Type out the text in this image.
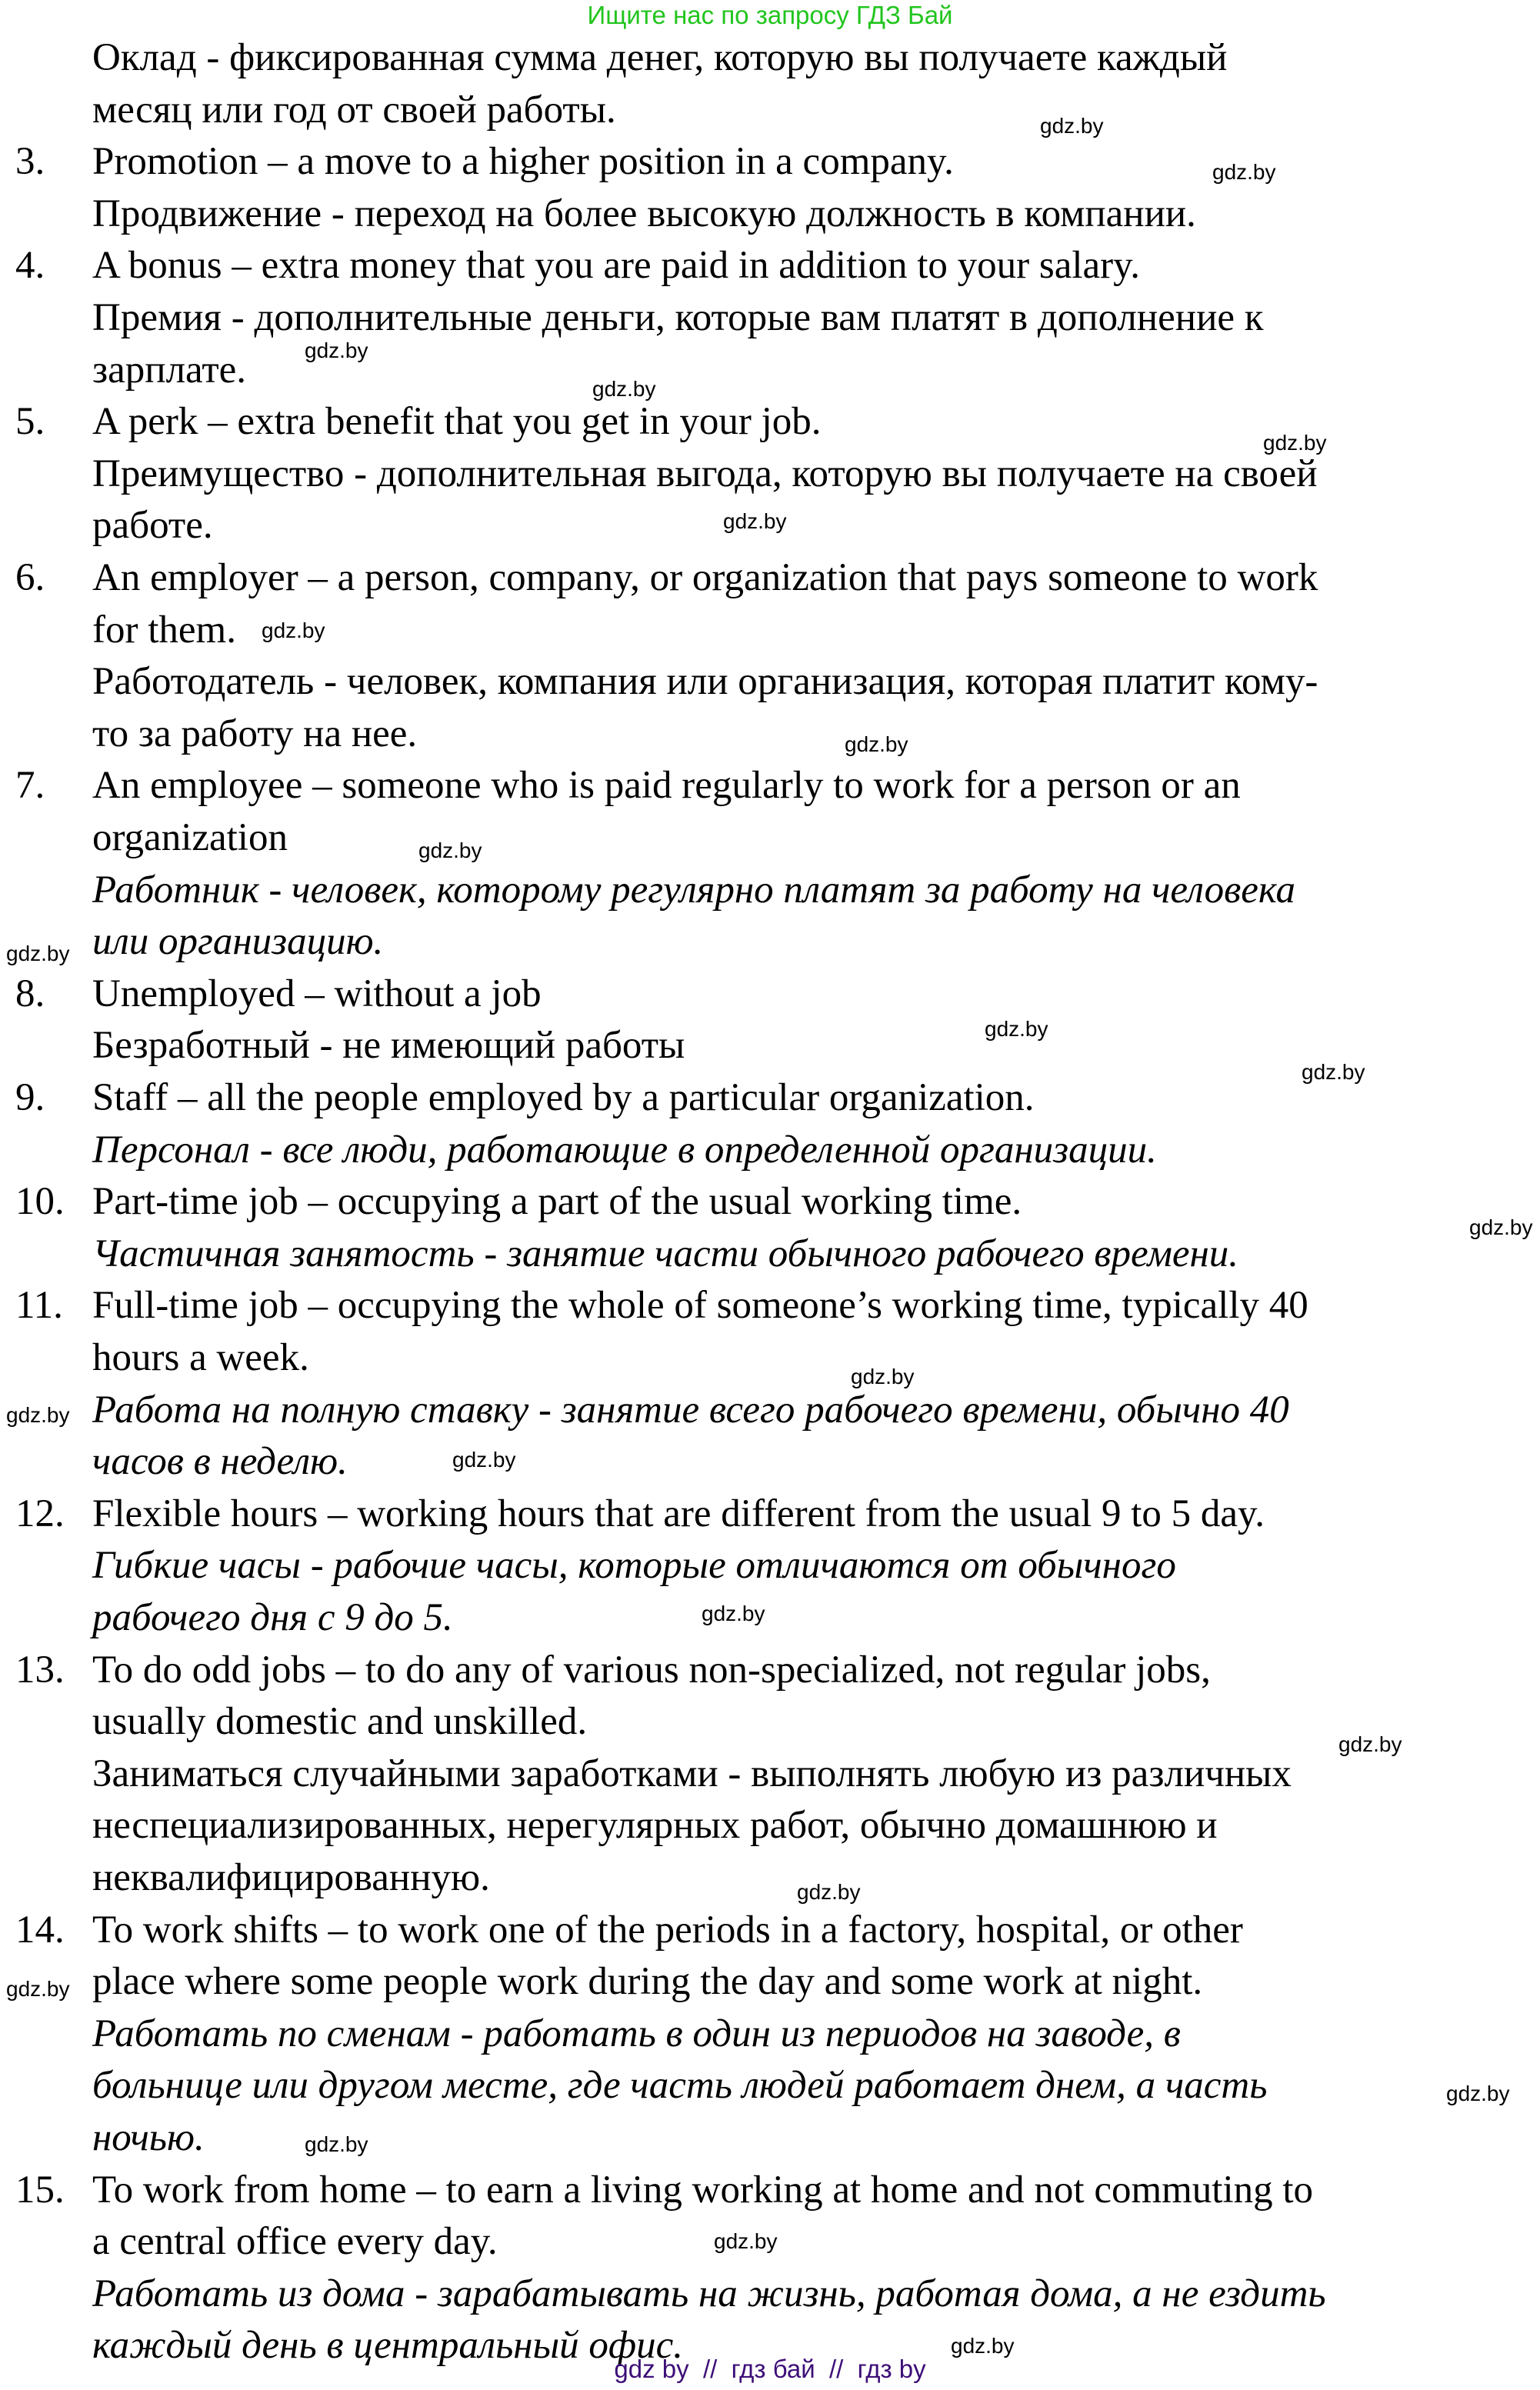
Ищите нас по запросу ГДЗ Бай
Оклад - фиксированная сумма денег, которую вы получаете каждый
месяц или год от своей работы.
3. Promotion – a move to a higher position in a company.
Продвижение - переход на более высокую должность в компании.
4. A bonus – extra money that you are paid in addition to your salary.
Премия - дополнительные деньги, которые вам платят в дополнение к
зарплате.
5. A perk – extra benefit that you get in your job.
Преимущество - дополнительная выгода, которую вы получаете на своей
работе.
6. An employer – a person, company, or organization that pays someone to work
for them.
Работодатель - человек, компания или организация, которая платит кому-
то за работу на нее.
7. An employee – someone who is paid regularly to work for a person or an
organization
Работник - человек, которому регулярно платят за работу на человека
или организацию.
8. Unemployed – without a job
Безработный - не имеющий работы
9. Staff – all the people employed by a particular organization.
Персонал - все люди, работающие в определенной организации.
10. Part-time job – occupying a part of the usual working time.
Частичная занятость - занятие части обычного рабочего времени.
11. Full-time job – occupying the whole of someone’s working time, typically 40
hours a week.
Работа на полную ставку - занятие всего рабочего времени, обычно 40
часов в неделю.
12. Flexible hours – working hours that are different from the usual 9 to 5 day.
Гибкие часы - рабочие часы, которые отличаются от обычного
рабочего дня с 9 до 5.
13. To do odd jobs – to do any of various non-specialized, not regular jobs,
usually domestic and unskilled.
Заниматься случайными заработками - выполнять любую из различных
неспециализированных, нерегулярных работ, обычно домашнюю и
неквалифицированную.
14. To work shifts – to work one of the periods in a factory, hospital, or other
place where some people work during the day and some work at night.
Работать по сменам - работать в один из периодов на заводе, в
больнице или другом месте, где часть людей работает днем, а часть
ночью.
15. To work from home – to earn a living working at home and not commuting to
a central office every day.
Работать из дома - зарабатывать на жизнь, работая дома, а не ездить
каждый день в центральный офис.
gdz.by
gdz.by
gdz.by
gdz.by
gdz.by
gdz.by
gdz.by
gdz.by
gdz.by
gdz.by
gdz.by
gdz.by
gdz.by
gdz.by
gdz.by
gdz.by
gdz.by
gdz.by
gdz.by
gdz.by
gdz.by
gdz.by
gdz.by
gdz.by
gdz by  //  гдз бай  //  гдз by
